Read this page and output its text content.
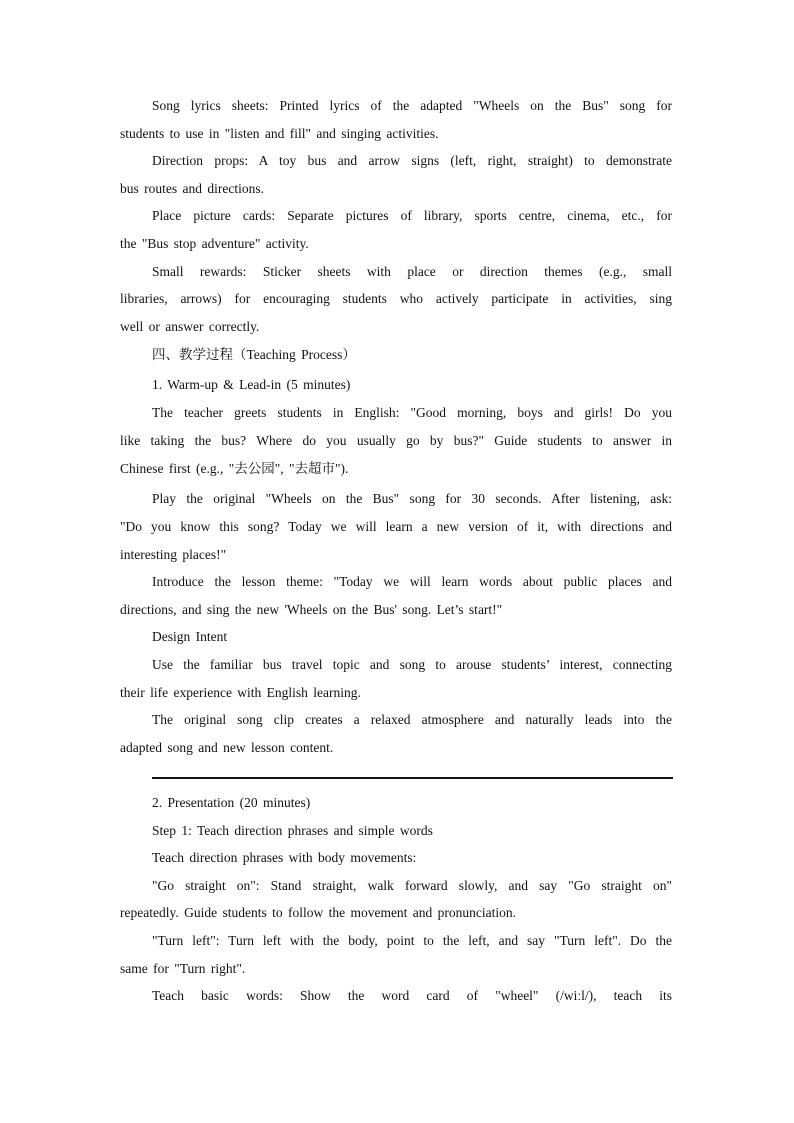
Song lyrics sheets: Printed lyrics of the adapted "Wheels on the Bus" song for
students to use in "listen and fill" and singing activities.
Direction props: A toy bus and arrow signs (left, right, straight) to demonstrate
bus routes and directions.
Place picture cards: Separate pictures of library, sports centre, cinema, etc., for
the "Bus stop adventure" activity.
Small rewards: Sticker sheets with place or direction themes (e.g., small
libraries, arrows) for encouraging students who actively participate in activities, sing
well or answer correctly.
四、教学过程（Teaching Process）
1. Warm-up & Lead-in (5 minutes)
The teacher greets students in English: "Good morning, boys and girls! Do you
like taking the bus? Where do you usually go by bus?" Guide students to answer in
Chinese first (e.g., "去公园", "去超市").
Play the original "Wheels on the Bus" song for 30 seconds. After listening, ask:
"Do you know this song? Today we will learn a new version of it, with directions and
interesting places!"
Introduce the lesson theme: "Today we will learn words about public places and
directions, and sing the new 'Wheels on the Bus' song. Let’s start!"
Design Intent
Use the familiar bus travel topic and song to arouse students’ interest, connecting
their life experience with English learning.
The original song clip creates a relaxed atmosphere and naturally leads into the
adapted song and new lesson content.
2. Presentation (20 minutes)
Step 1: Teach direction phrases and simple words
Teach direction phrases with body movements:
"Go straight on": Stand straight, walk forward slowly, and say "Go straight on"
repeatedly. Guide students to follow the movement and pronunciation.
"Turn left": Turn left with the body, point to the left, and say "Turn left". Do the
same for "Turn right".
Teach basic words: Show the word card of "wheel" (/wiːl/), teach its
